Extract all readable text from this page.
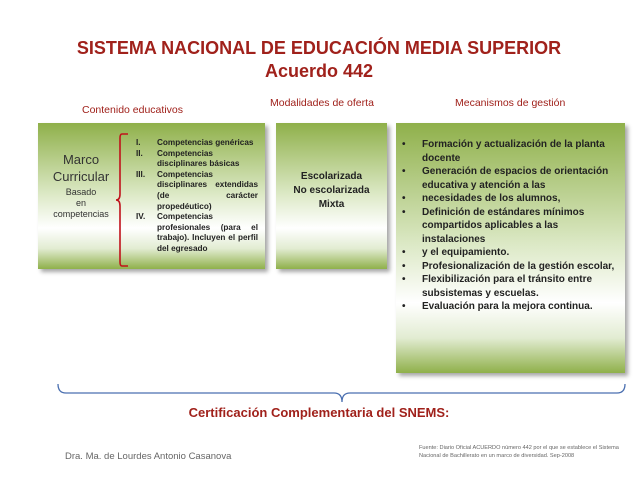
SISTEMA NACIONAL DE EDUCACIÓN MEDIA SUPERIOR
Acuerdo 442
Contenido educativos
Modalidades de oferta	Mecanismos de gestión
Marco
Curricular
Basado
en
competencias
I. Competencias genéricas
II. Competencias disciplinares básicas
III. Competencias disciplinares extendidas (de carácter propedéutico)
IV. Competencias profesionales (para el trabajo). Incluyen el perfil del egresado
Escolarizada
No escolarizada
Mixta
• Formación y actualización de la planta docente
• Generación de espacios de orientación educativa y atención a las
• necesidades de los alumnos,
• Definición de estándares mínimos compartidos aplicables a las instalaciones
• y el equipamiento.
• Profesionalización de la gestión escolar,
• Flexibilización para el tránsito entre subsistemas y escuelas.
• Evaluación para la mejora continua.
Certificación Complementaria del SNEMS:
Dra. Ma. de Lourdes Antonio Casanova
Fuente: Diario Oficial ACUERDO número 442 por el que se establece el Sistema Nacional de Bachillerato en un marco de diversidad. Sep-2008
